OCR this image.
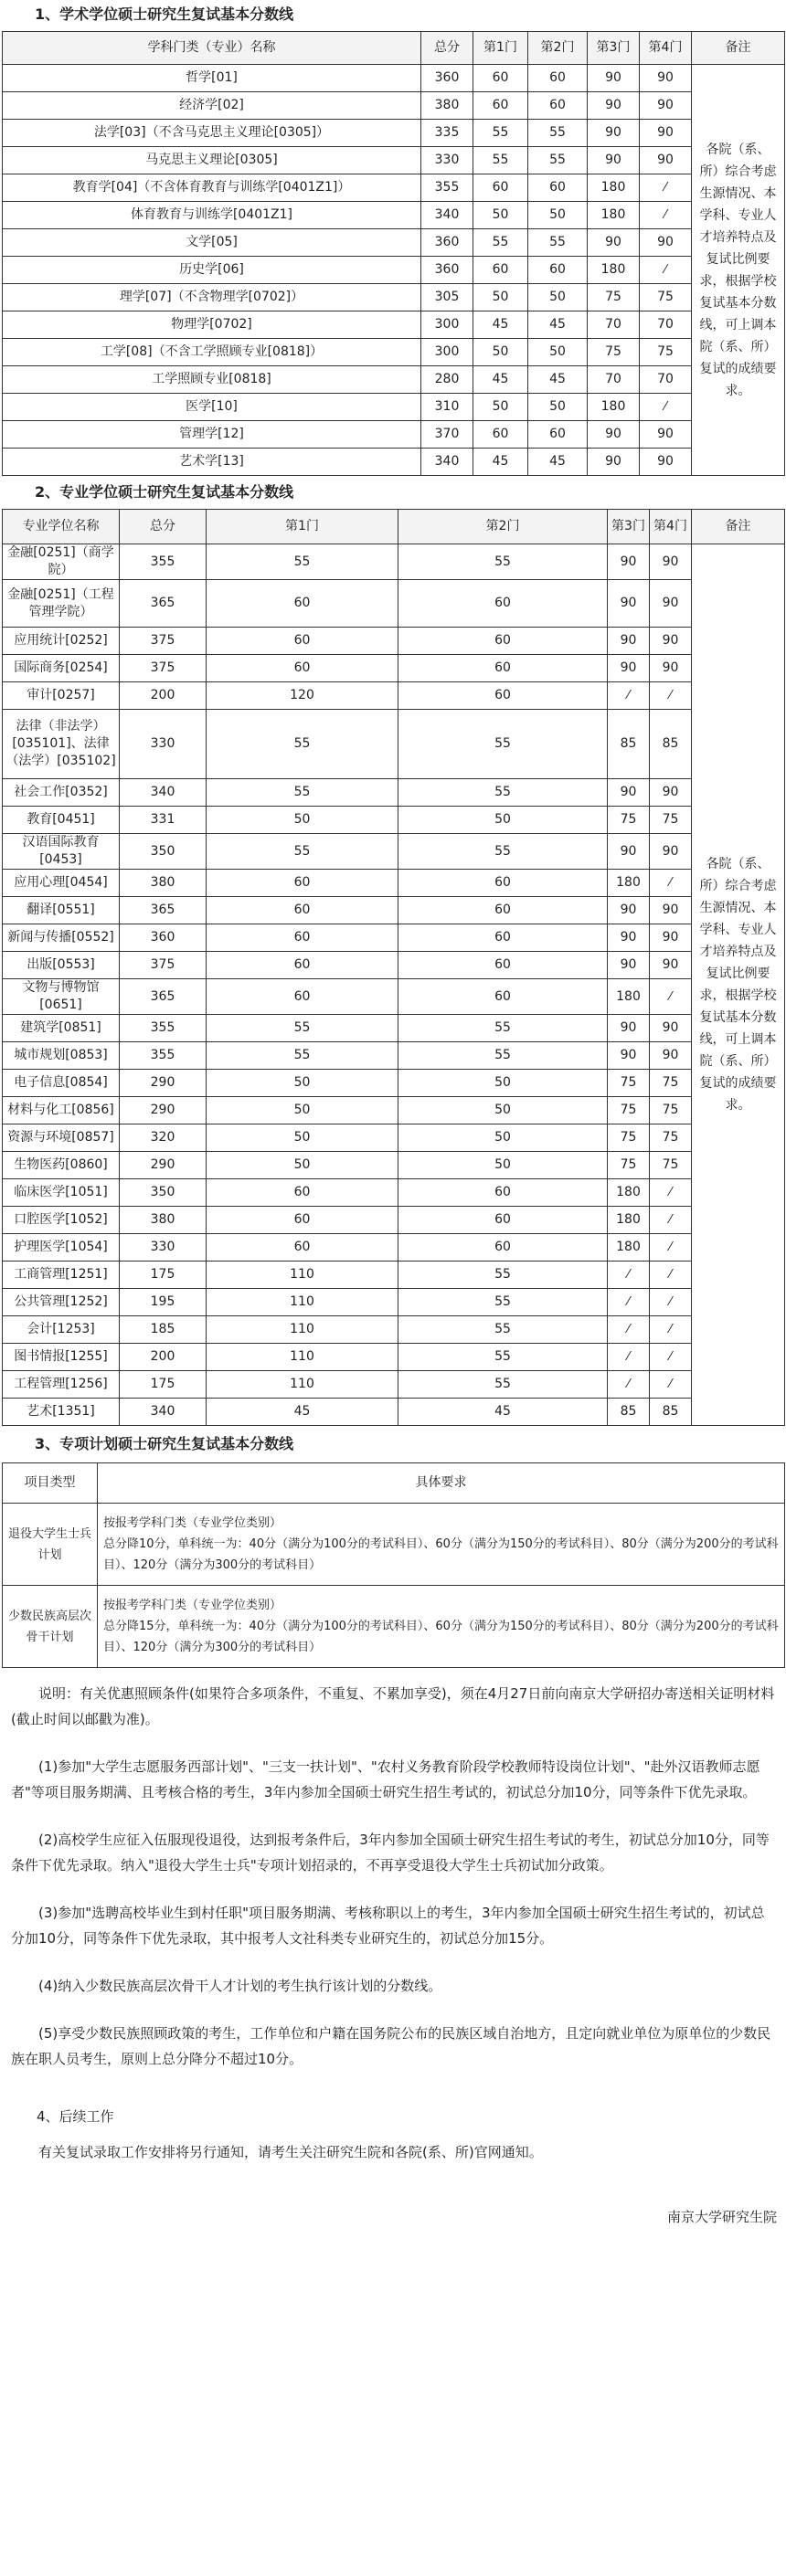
1、学术学位硕士研究生复试基本分数线
学科门类（专业）名称	总分	第1门	第2门	第3门	第4门	备注
哲学[01]	360	60	60	90	90	各院（系、所）综合考虑生源情况、本学科、专业人才培养特点及复试比例要求，根据学校复试基本分数线，可上调本院（系、所）复试的成绩要求。

经济学[02]	380	60	60	90	90	
法学[03]（不含马克思主义理论[0305]）	335	55	55	90	90	
马克思主义理论[0305]	330	55	55	90	90	
教育学[04]（不含体育教育与训练学[0401Z1]）	355	60	60	180	⁄	
体育教育与训练学[0401Z1]	340	50	50	180	⁄	
文学[05]	360	55	55	90	90	
历史学[06]	360	60	60	180	⁄	
理学[07]（不含物理学[0702]）	305	50	50	75	75	
物理学[0702]	300	45	45	70	70	
工学[08]（不含工学照顾专业[0818]）	300	50	50	75	75	
工学照顾专业[0818]	280	45	45	70	70	
医学[10]	310	50	50	180	⁄	
管理学[12]	370	60	60	90	90	
艺术学[13]	340	45	45	90	90	
2、专业学位硕士研究生复试基本分数线
专业学位名称	总分	第1门	第2门	第3门	第4门	备注
金融[0251]（商学院）	355	55	55	90	90	各院（系、所）综合考虑生源情况、本学科、专业人才培养特点及复试比例要求，根据学校复试基本分数线，可上调本院（系、所）复试的成绩要求。

金融[0251]（工程管理学院）	365	60	60	90	90	
应用统计[0252]	375	60	60	90	90	
国际商务[0254]	375	60	60	90	90	
审计[0257]	200	120	60	⁄	⁄	
法律（非法学）[035101]、法律（法学）[035102]	330	55	55	85	85	
社会工作[0352]	340	55	55	90	90	
教育[0451]	331	50	50	75	75	
汉语国际教育[0453]	350	55	55	90	90	
应用心理[0454]	380	60	60	180	⁄	
翻译[0551]	365	60	60	90	90	
新闻与传播[0552]	360	60	60	90	90	
出版[0553]	375	60	60	90	90	
文物与博物馆[0651]	365	60	60	180	⁄	
建筑学[0851]	355	55	55	90	90	
城市规划[0853]	355	55	55	90	90	
电子信息[0854]	290	50	50	75	75	
材料与化工[0856]	290	50	50	75	75	
资源与环境[0857]	320	50	50	75	75	
生物医药[0860]	290	50	50	75	75	
临床医学[1051]	350	60	60	180	⁄	
口腔医学[1052]	380	60	60	180	⁄	
护理医学[1054]	330	60	60	180	⁄	
工商管理[1251]	175	110	55	⁄	⁄	
公共管理[1252]	195	110	55	⁄	⁄	
会计[1253]	185	110	55	⁄	⁄	
图书情报[1255]	200	110	55	⁄	⁄	
工程管理[1256]	175	110	55	⁄	⁄	
艺术[1351]	340	45	45	85	85	
3、专项计划硕士研究生复试基本分数线
项目类型	具体要求
退役大学生士兵计划	按报考学科门类（专业学位类别）
总分降10分，单科统一为：40分（满分为100分的考试科目）、60分（满分为150分的考试科目）、80分（满分为200分的考试科目）、120分（满分为300分的考试科目）

少数民族高层次骨干计划	按报考学科门类（专业学位类别）
总分降15分，单科统一为：40分（满分为100分的考试科目）、60分（满分为150分的考试科目）、80分（满分为200分的考试科目）、120分（满分为300分的考试科目）

说明：有关优惠照顾条件(如果符合多项条件，不重复、不累加享受)，须在4月27日前向南京大学研招办寄送相关证明材料(截止时间以邮戳为准)。

(1)参加"大学生志愿服务西部计划"、"三支一扶计划"、"农村义务教育阶段学校教师特设岗位计划"、"赴外汉语教师志愿者"等项目服务期满、且考核合格的考生，3年内参加全国硕士研究生招生考试的，初试总分加10分，同等条件下优先录取。

(2)高校学生应征入伍服现役退役，达到报考条件后，3年内参加全国硕士研究生招生考试的考生，初试总分加10分，同等条件下优先录取。纳入"退役大学生士兵"专项计划招录的，不再享受退役大学生士兵初试加分政策。

(3)参加"选聘高校毕业生到村任职"项目服务期满、考核称职以上的考生，3年内参加全国硕士研究生招生考试的，初试总分加10分，同等条件下优先录取，其中报考人文社科类专业研究生的，初试总分加15分。

(4)纳入少数民族高层次骨干人才计划的考生执行该计划的分数线。

(5)享受少数民族照顾政策的考生，工作单位和户籍在国务院公布的民族区域自治地方，且定向就业单位为原单位的少数民族在职人员考生，原则上总分降分不超过10分。

4、后续工作

有关复试录取工作安排将另行通知，请考生关注研究生院和各院(系、所)官网通知。

南京大学研究生院
